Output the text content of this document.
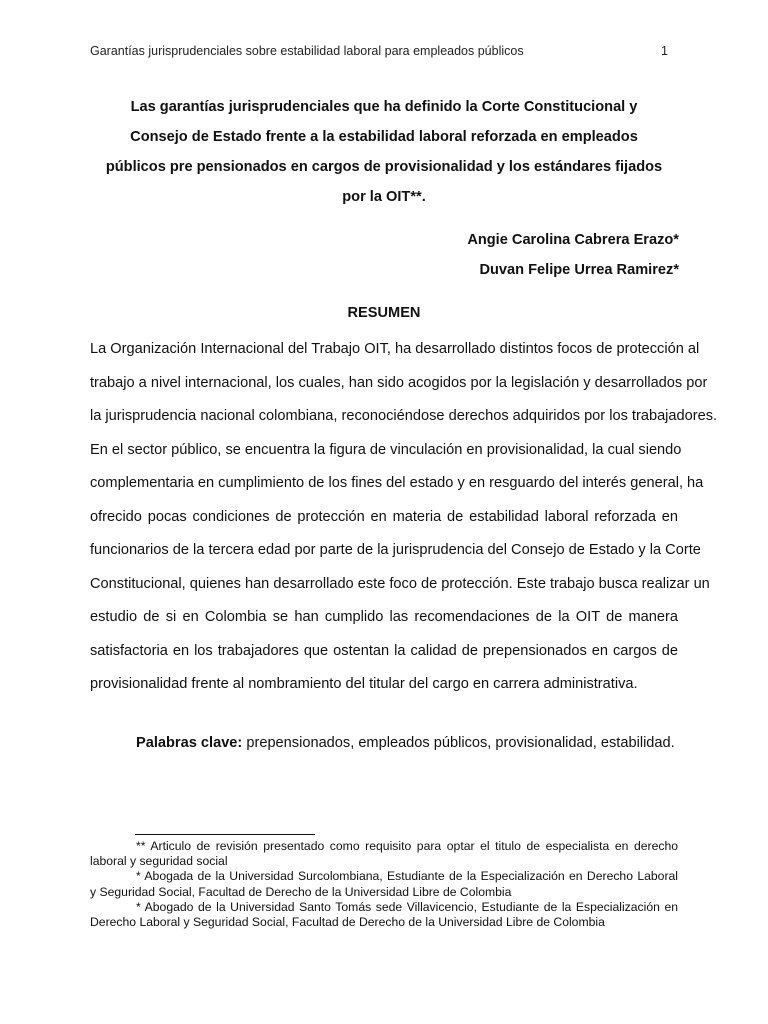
Garantías jurisprudenciales sobre estabilidad laboral para empleados públicos	1
Las garantías jurisprudenciales que ha definido la Corte Constitucional y
Consejo de Estado frente a la estabilidad laboral reforzada en empleados
públicos pre pensionados en cargos de provisionalidad y los estándares fijados
por la OIT**.
Angie Carolina Cabrera Erazo*
Duvan Felipe Urrea Ramirez*
RESUMEN

La Organización Internacional del Trabajo OIT, ha desarrollado distintos focos de protección al
trabajo a nivel internacional, los cuales, han sido acogidos por la legislación y desarrollados por
la jurisprudencia nacional colombiana, reconociéndose derechos adquiridos por los trabajadores.
En el sector público, se encuentra la figura de vinculación en provisionalidad, la cual siendo
complementaria en cumplimiento de los fines del estado y en resguardo del interés general, ha
ofrecido pocas condiciones de protección en materia de estabilidad laboral reforzada en
funcionarios de la tercera edad por parte de la jurisprudencia del Consejo de Estado y la Corte
Constitucional, quienes han desarrollado este foco de protección. Este trabajo busca realizar un
estudio de si en Colombia se han cumplido las recomendaciones de la OIT de manera
satisfactoria en los trabajadores que ostentan la calidad de prepensionados en cargos de
provisionalidad frente al nombramiento del titular del cargo en carrera administrativa.

Palabras clave: prepensionados, empleados públicos, provisionalidad, estabilidad.

** Articulo de revisión presentado como requisito para optar el titulo de especialista en derecho
laboral y seguridad social
* Abogada de la Universidad Surcolombiana, Estudiante de la Especialización en Derecho Laboral
y Seguridad Social, Facultad de Derecho de la Universidad Libre de Colombia
* Abogado de la Universidad Santo Tomás sede Villavicencio, Estudiante de la Especialización en
Derecho Laboral y Seguridad Social, Facultad de Derecho de la Universidad Libre de Colombia
